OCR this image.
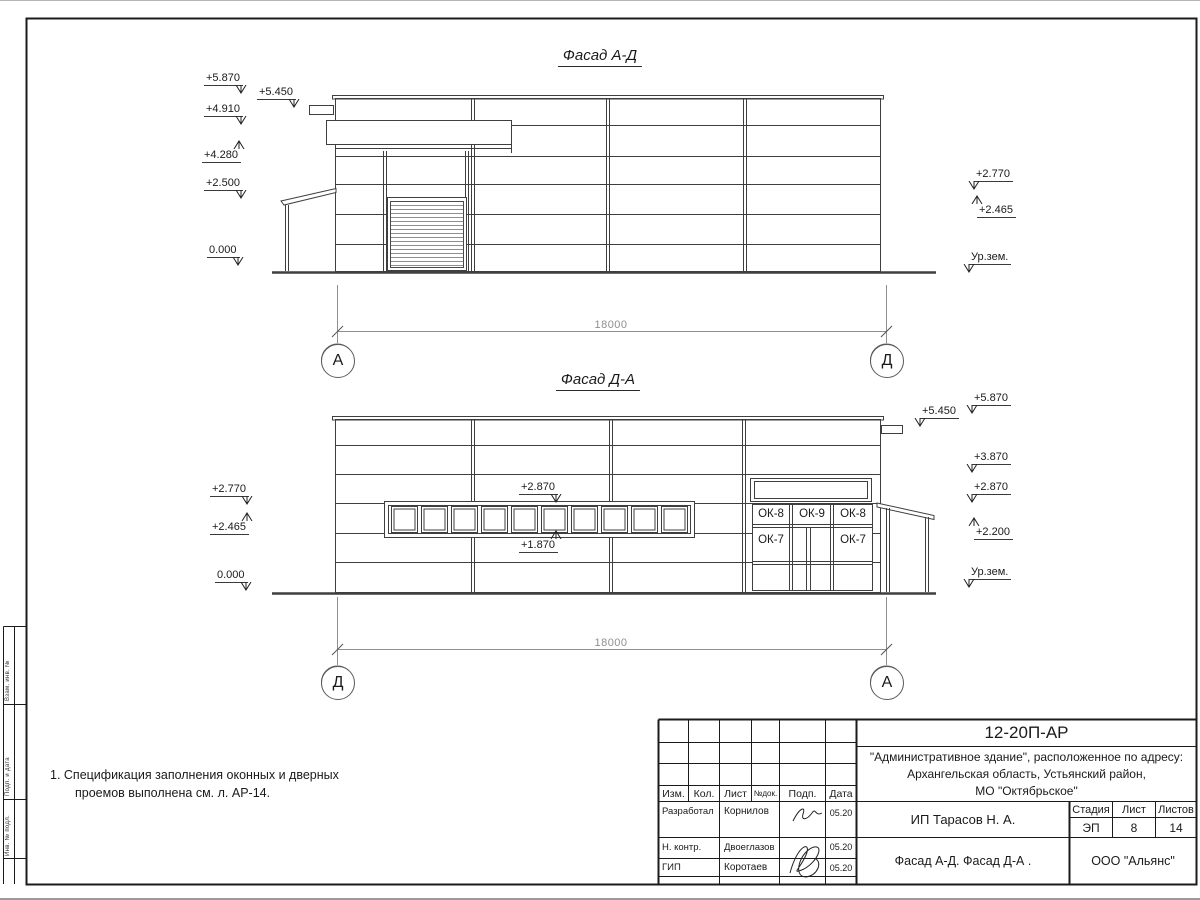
Фасад А-Д
+5.870
+5.450
+4.910
+4.280
+2.500
0.000
+2.770
+2.465
Ур.зем.
18000
А	Д
Фасад Д-А
+2.770
+2.465
0.000
+2.870
+1.870
+5.870
+5.450
+3.870
+2.870
+2.200
Ур.зем.
ОК-8 ОК-9 ОК-8
ОК-7	ОК-7
18000
Д	А
1. Спецификация заполнения оконных и дверных
проемов выполнена см. л. АР-14.
12-20П-АР
"Административное здание", расположенное по адресу:
Архангельская область, Устьянский район,
МО "Октябрьское"
Изм. Кол. Лист №док.	Подп.	Дата
Разработал	Корнилов	05.20
Н. контр.	Двоеглазов	05.20
ГИП	Коротаев	05.20
ИП Тарасов Н. А.
Фасад А-Д. Фасад Д-А .	ООО "Альянс"
Стадия	Лист	Листов
ЭП	8	14
Взам. инв. №
Подп. и дата
Инв. № подл.
